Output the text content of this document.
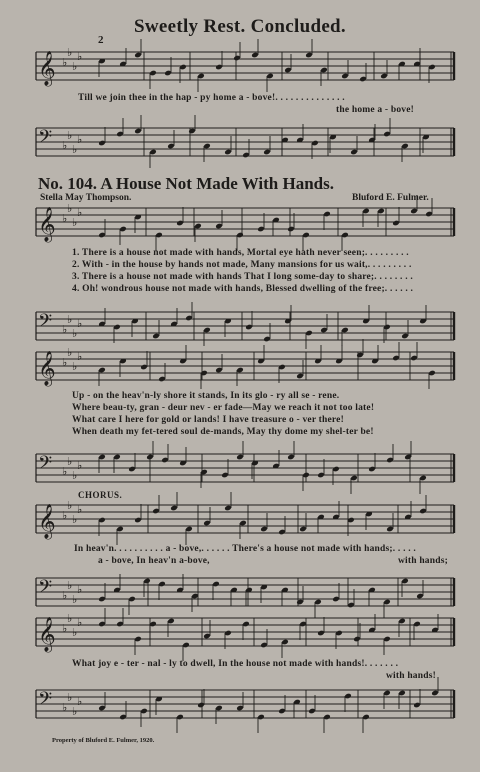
𝄞 ♭
♭
♭
♭
𝄢 ♭
♭
♭
♭
𝄞 ♭
♭
♭
♭
𝄢 ♭
♭
♭
♭
𝄞 ♭
♭
♭
♭
𝄢 ♭
♭
♭
♭
𝄞 ♭
♭
♭
♭
𝄢 ♭
♭
♭
♭
𝄞 ♭
♭
♭
♭
𝄢 ♭
♭
♭
♭
Sweetly Rest. Concluded.
2
Till we join thee in the hap - py home a - bove!. . . . . . . . . . . . . .
the home a - bove!
No. 104. A House Not Made With Hands.
Stella May Thompson.	Bluford E. Fulmer.
1. There is a house not made with hands, Mortal eye hath never seen;. . . . . . . . .
2. With - in the house by hands not made, Many mansions for us wait,. . . . . . . . .
3. There is a house not made with hands That I long some-day to share;. . . . . . . .
4. Oh! wondrous house not made with hands, Blessed dwelling of the free;. . . . . .
Up - on the heav'n-ly shore it stands, In its glo - ry all se - rene.
Where beau-ty, gran - deur nev - er fade—May we reach it not too late!
What care I here for gold or lands! I have treasure o - ver there!
When death my fet-tered soul de-mands, May thy dome my shel-ter be!
CHORUS.
In heav'n. . . . . . . . . . a - bove,. . . . . . There's a house not made with hands;. . . . .
a - bove, In heav'n a-bove,	with hands;
What joy e - ter - nal - ly to dwell, In the house not made with hands!. . . . . . .
with hands!
Property of Bluford E. Fulmer, 1920.
